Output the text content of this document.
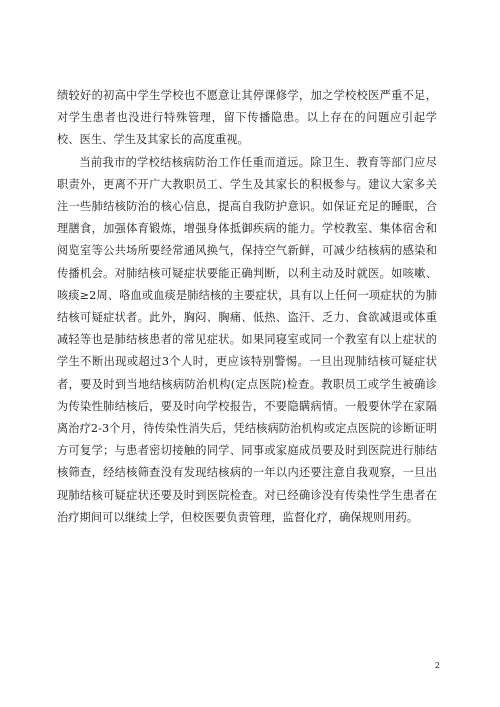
绩较好的初高中学生学校也不愿意让其停课修学，加之学校校医严重不足，对学生患者也没进行特殊管理，留下传播隐患。以上存在的问题应引起学校、医生、学生及其家长的高度重视。

当前我市的学校结核病防治工作任重而道远。除卫生、教育等部门应尽职责外，更离不开广大教职员工、学生及其家长的积极参与。建议大家多关注一些肺结核防治的核心信息，提高自我防护意识。如保证充足的睡眠，合理膳食，加强体育锻炼，增强身体抵御疾病的能力。学校教室、集体宿舍和阅览室等公共场所要经常通风换气，保持空气新鲜，可减少结核病的感染和传播机会。对肺结核可疑症状要能正确判断，以利主动及时就医。如咳嗽、咳痰≥2周、咯血或血痰是肺结核的主要症状，具有以上任何一项症状的为肺结核可疑症状者。此外，胸闷、胸痛、低热、盗汗、乏力、食欲减退或体重减轻等也是肺结核患者的常见症状。如果同寝室或同一个教室有以上症状的学生不断出现或超过3个人时，更应该特别警惕。一旦出现肺结核可疑症状者，要及时到当地结核病防治机构(定点医院)检查。教职员工或学生被确诊为传染性肺结核后，要及时向学校报告，不要隐瞒病情。一般要休学在家隔离治疗2-3个月，待传染性消失后，凭结核病防治机构或定点医院的诊断证明方可复学；与患者密切接触的同学、同事或家庭成员要及时到医院进行肺结核筛查，经结核筛查没有发现结核病的一年以内还要注意自我观察，一旦出现肺结核可疑症状还要及时到医院检查。对已经确诊没有传染性学生患者在治疗期间可以继续上学，但校医要负责管理，监督化疗，确保规则用药。

2
